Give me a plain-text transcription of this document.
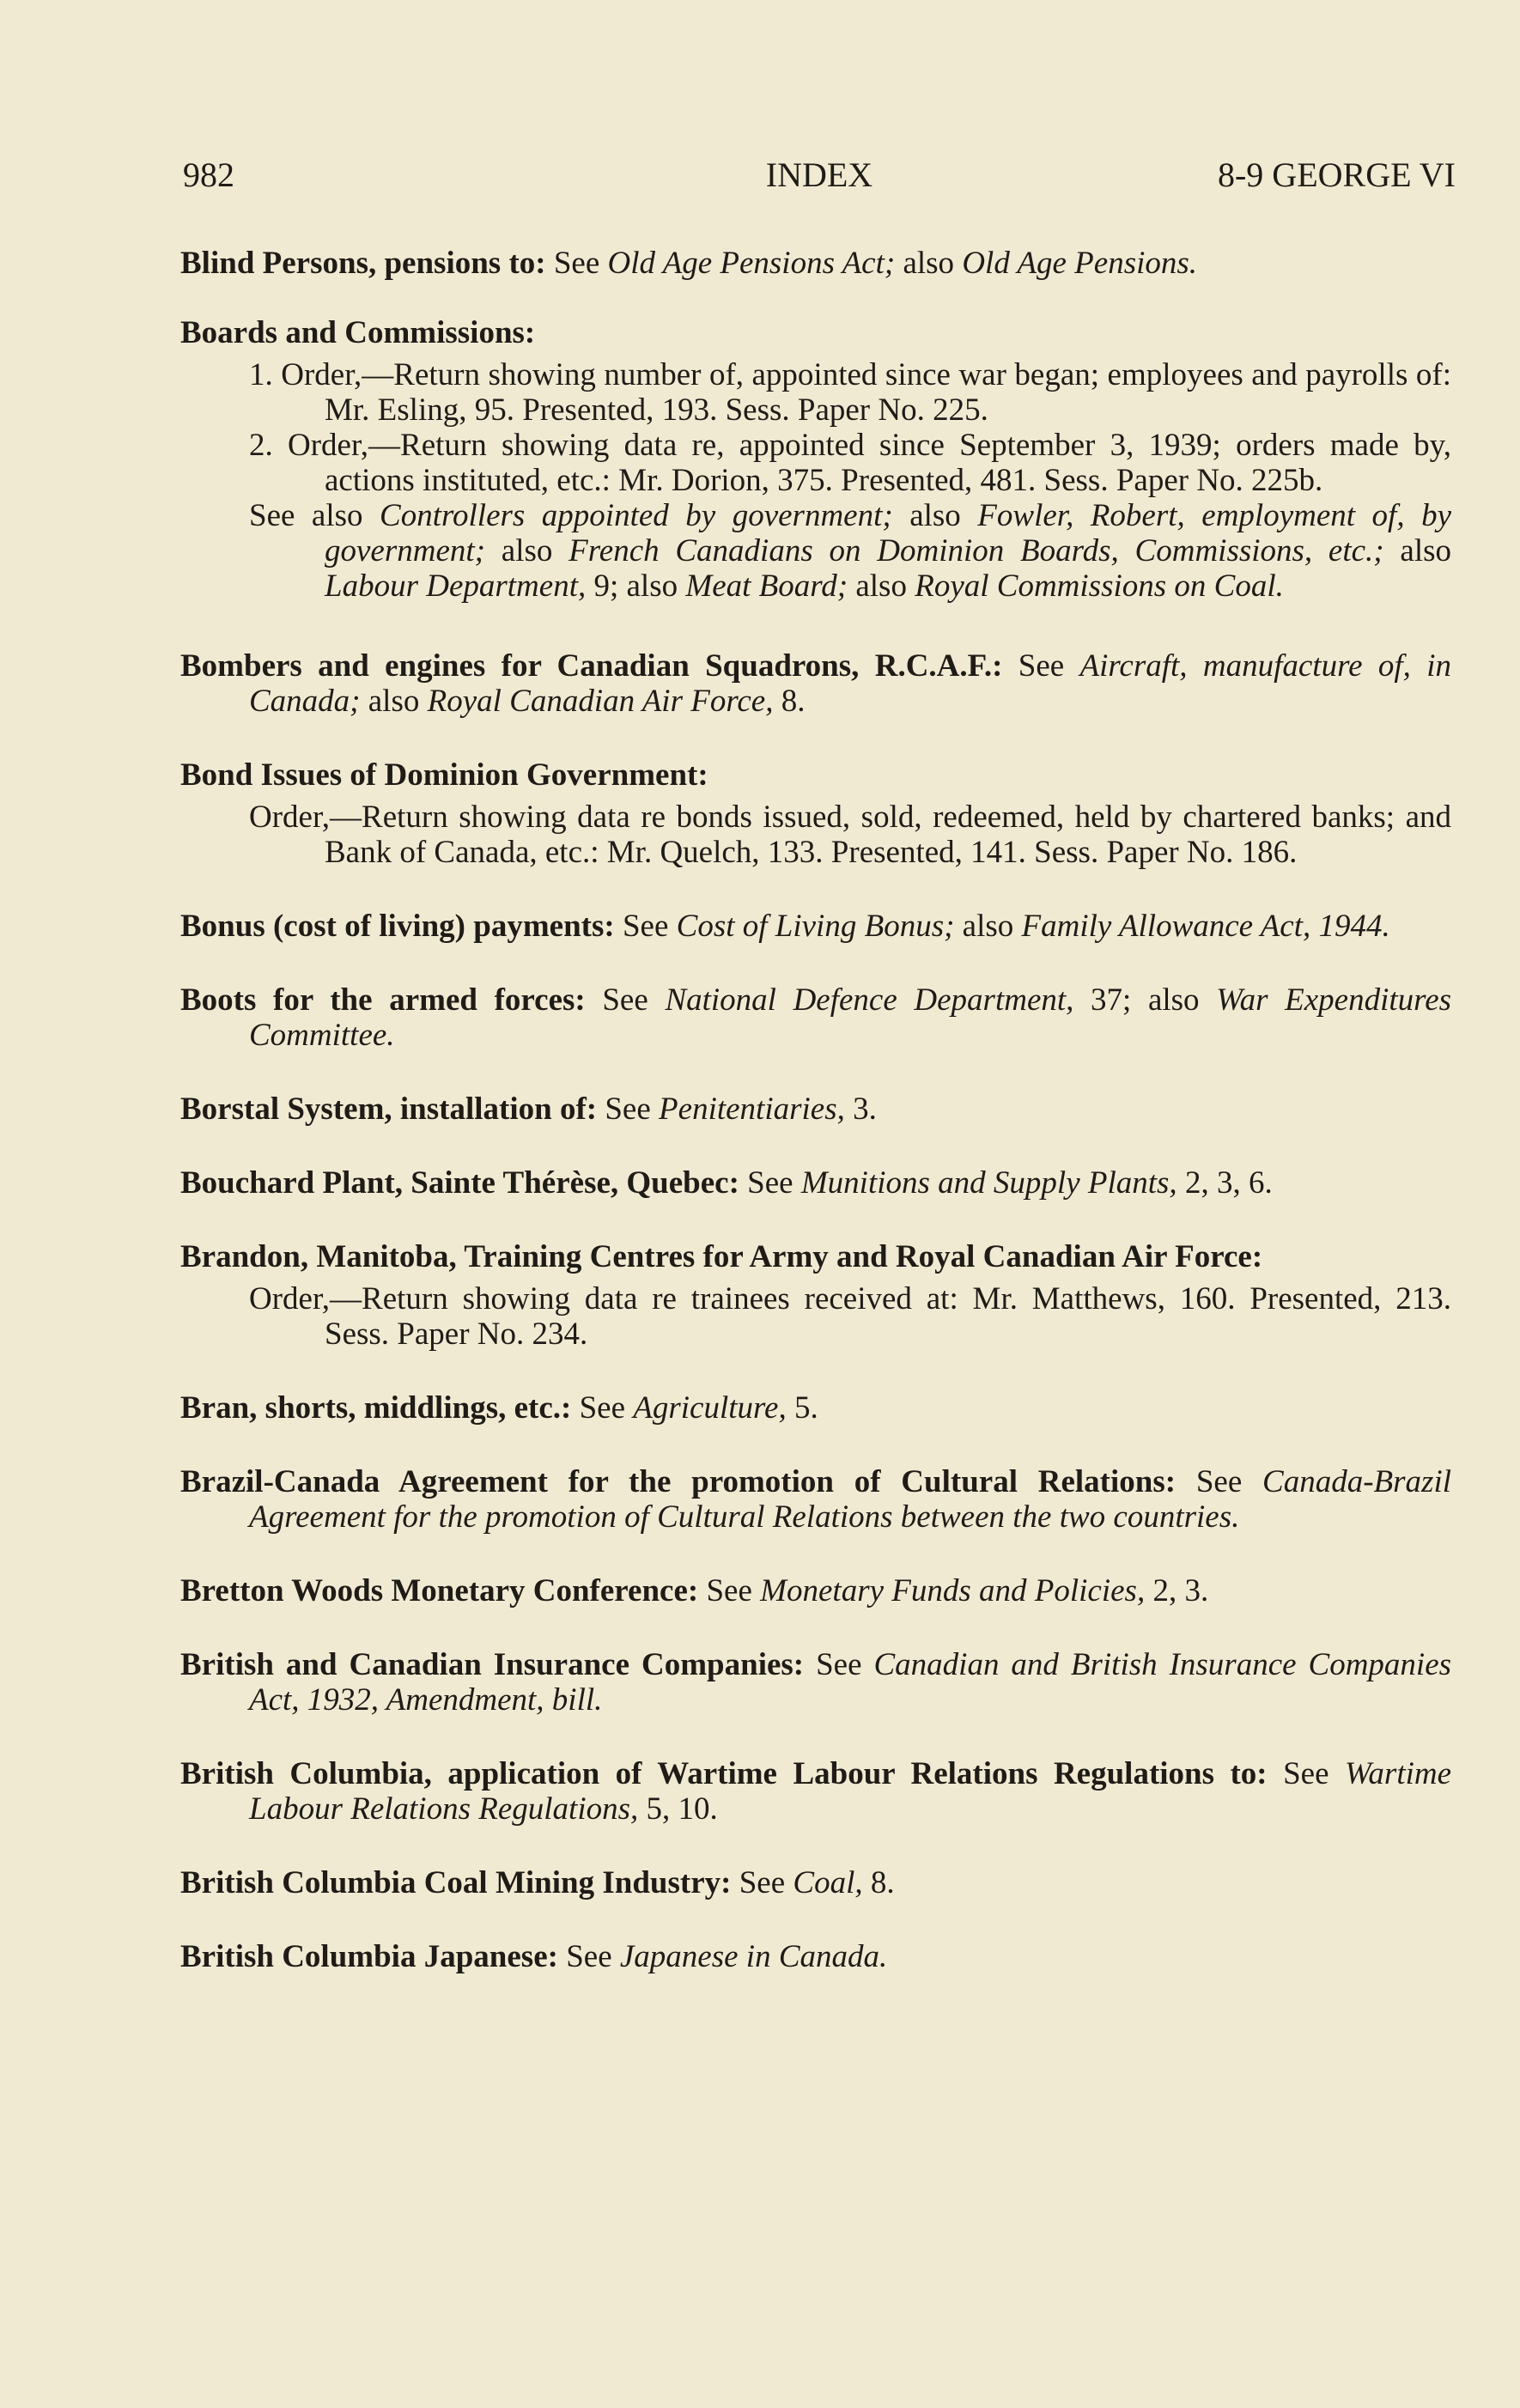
982	INDEX	8-9 GEORGE VI
Blind Persons, pensions to: See Old Age Pensions Act; also Old Age Pensions.
Boards and Commissions:
1. Order,—Return showing number of, appointed since war began; employees and payrolls of: Mr. Esling, 95. Presented, 193. Sess. Paper No. 225.
2. Order,—Return showing data re, appointed since September 3, 1939; orders made by, actions instituted, etc.: Mr. Dorion, 375. Presented, 481. Sess. Paper No. 225b.
See also Controllers appointed by government; also Fowler, Robert, employment of, by government; also French Canadians on Dominion Boards, Commissions, etc.; also Labour Department, 9; also Meat Board; also Royal Commissions on Coal.
Bombers and engines for Canadian Squadrons, R.C.A.F.: See Aircraft, manufacture of, in Canada; also Royal Canadian Air Force, 8.
Bond Issues of Dominion Government:
Order,—Return showing data re bonds issued, sold, redeemed, held by chartered banks; and Bank of Canada, etc.: Mr. Quelch, 133. Presented, 141. Sess. Paper No. 186.
Bonus (cost of living) payments: See Cost of Living Bonus; also Family Allowance Act, 1944.
Boots for the armed forces: See National Defence Department, 37; also War Expenditures Committee.
Borstal System, installation of: See Penitentiaries, 3.
Bouchard Plant, Sainte Thérèse, Quebec: See Munitions and Supply Plants, 2, 3, 6.
Brandon, Manitoba, Training Centres for Army and Royal Canadian Air Force:
Order,—Return showing data re trainees received at: Mr. Matthews, 160. Presented, 213. Sess. Paper No. 234.
Bran, shorts, middlings, etc.: See Agriculture, 5.
Brazil-Canada Agreement for the promotion of Cultural Relations: See Canada-Brazil Agreement for the promotion of Cultural Relations between the two countries.
Bretton Woods Monetary Conference: See Monetary Funds and Policies, 2, 3.
British and Canadian Insurance Companies: See Canadian and British Insurance Companies Act, 1932, Amendment, bill.
British Columbia, application of Wartime Labour Relations Regulations to: See Wartime Labour Relations Regulations, 5, 10.
British Columbia Coal Mining Industry: See Coal, 8.
British Columbia Japanese: See Japanese in Canada.
